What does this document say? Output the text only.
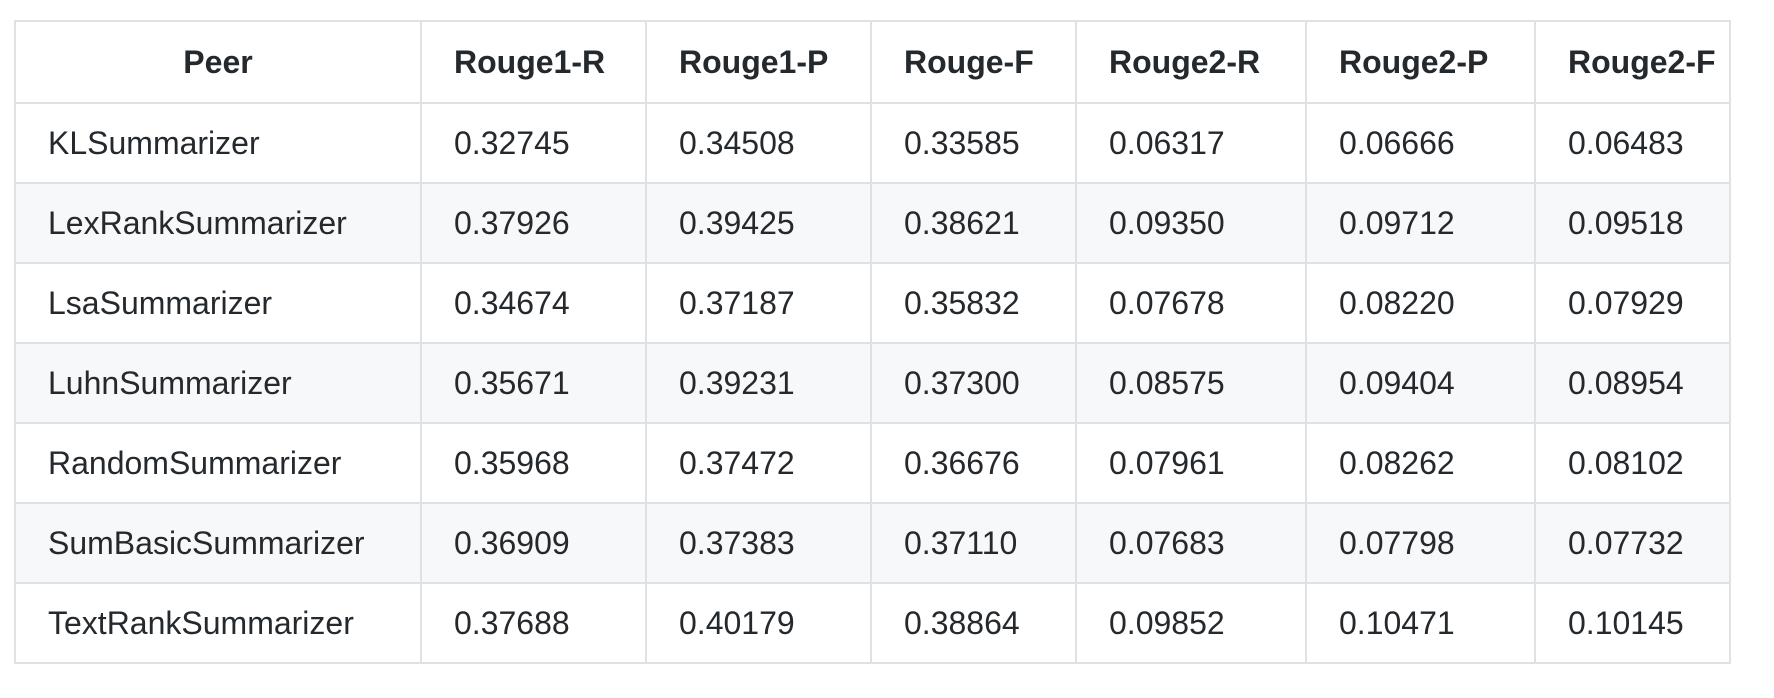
Peer	Rouge1-R	Rouge1-P	Rouge-F	Rouge2-R	Rouge2-P	Rouge2-F
KLSummarizer	0.32745	0.34508	0.33585	0.06317	0.06666	0.06483
LexRankSummarizer	0.37926	0.39425	0.38621	0.09350	0.09712	0.09518
LsaSummarizer	0.34674	0.37187	0.35832	0.07678	0.08220	0.07929
LuhnSummarizer	0.35671	0.39231	0.37300	0.08575	0.09404	0.08954
RandomSummarizer	0.35968	0.37472	0.36676	0.07961	0.08262	0.08102
SumBasicSummarizer	0.36909	0.37383	0.37110	0.07683	0.07798	0.07732
TextRankSummarizer	0.37688	0.40179	0.38864	0.09852	0.10471	0.10145
